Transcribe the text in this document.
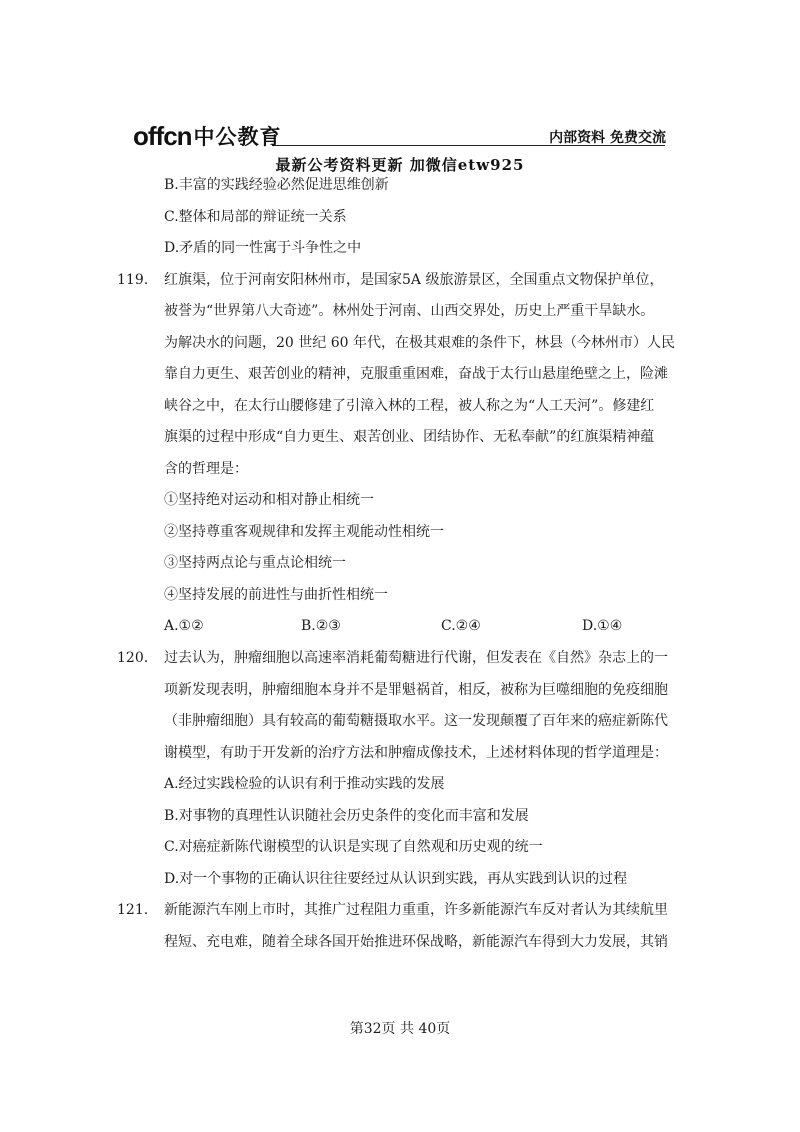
offcn 中公教育	内部资料 免费交流
最新公考资料更新 加微信etw925
B.丰富的实践经验必然促进思维创新
C.整体和局部的辩证统一关系
D.矛盾的同一性寓于斗争性之中
119. 红旗渠，位于河南安阳林州市，是国家5A 级旅游景区，全国重点文物保护单位，
被誉为“世界第八大奇迹”。林州处于河南、山西交界处，历史上严重干旱缺水。
为解决水的问题，20 世纪 60 年代，在极其艰难的条件下，林县（今林州市）人民
靠自力更生、艰苦创业的精神，克服重重困难，奋战于太行山悬崖绝壁之上，险滩
峡谷之中，在太行山腰修建了引漳入林的工程，被人称之为“人工天河”。修建红
旗渠的过程中形成“自力更生、艰苦创业、团结协作、无私奉献”的红旗渠精神蕴
含的哲理是：
①坚持绝对运动和相对静止相统一
②坚持尊重客观规律和发挥主观能动性相统一
③坚持两点论与重点论相统一
④坚持发展的前进性与曲折性相统一
A.①②	B.②③	C.②④	D.①④
120. 过去认为，肿瘤细胞以高速率消耗葡萄糖进行代谢，但发表在《自然》杂志上的一
项新发现表明，肿瘤细胞本身并不是罪魁祸首，相反，被称为巨噬细胞的免疫细胞
（非肿瘤细胞）具有较高的葡萄糖摄取水平。这一发现颠覆了百年来的癌症新陈代
谢模型，有助于开发新的治疗方法和肿瘤成像技术，上述材料体现的哲学道理是：
A.经过实践检验的认识有利于推动实践的发展
B.对事物的真理性认识随社会历史条件的变化而丰富和发展
C.对癌症新陈代谢模型的认识是实现了自然观和历史观的统一
D.对一个事物的正确认识往往要经过从认识到实践，再从实践到认识的过程
121. 新能源汽车刚上市时，其推广过程阻力重重，许多新能源汽车反对者认为其续航里
程短、充电难，随着全球各国开始推进环保战略，新能源汽车得到大力发展，其销
第32页 共 40页
